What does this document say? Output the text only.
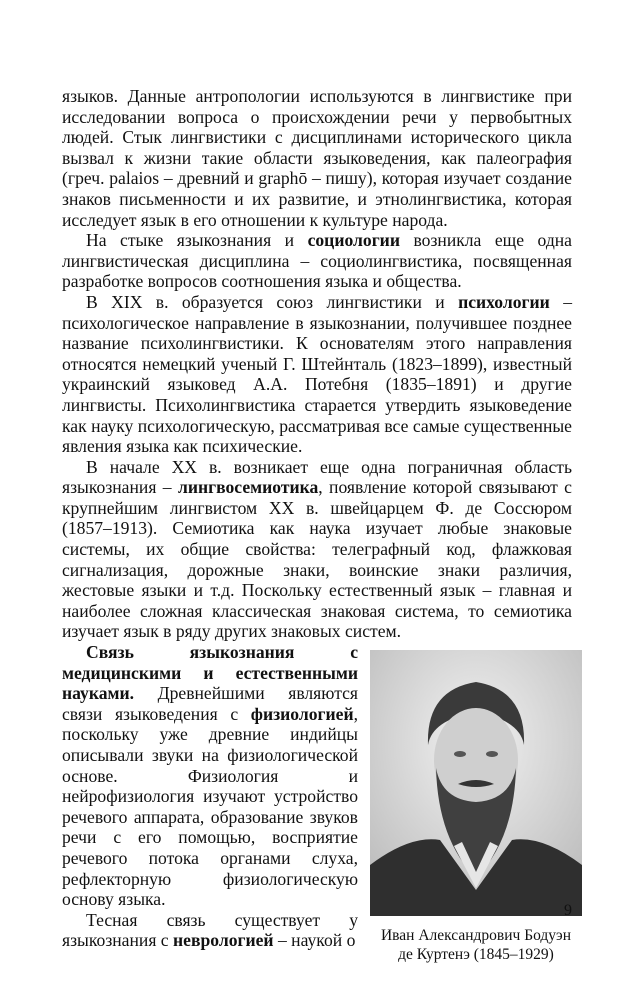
языков. Данные антропологии используются в лингвистике при исследовании вопроса о происхождении речи у первобытных людей. Стык лингвистики с дисциплинами исторического цикла вызвал к жизни такие области языковедения, как палеография (греч. palaios – древний и graphō – пишу), которая изучает создание знаков письменности и их развитие, и этнолингвистика, которая исследует язык в его отношении к культуре народа.

На стыке языкознания и социологии возникла еще одна лингвистическая дисциплина – социолингвистика, посвященная разработке вопросов соотношения языка и общества.

В XIX в. образуется союз лингвистики и психологии – психологическое направление в языкознании, получившее позднее название психолингвистики. К основателям этого направления относятся немецкий ученый Г. Штейнталь (1823–1899), известный украинский языковед А.А. Потебня (1835–1891) и другие лингвисты. Психолингвистика старается утвердить языковедение как науку психологическую, рассматривая все самые существенные явления языка как психические.

В начале XX в. возникает еще одна пограничная область языкознания – лингвосемиотика, появление которой связывают с крупнейшим лингвистом XX в. швейцарцем Ф. де Соссюром (1857–1913). Семиотика как наука изучает любые знаковые системы, их общие свойства: телеграфный код, флажковая сигнализация, дорожные знаки, воинские знаки различия, жестовые языки и т.д. Поскольку естественный язык – главная и наиболее сложная классическая знаковая система, то семиотика изучает язык в ряду других знаковых систем.

Иван Александрович Бодуэн
де Куртенэ (1845–1929)

Связь языкознания с медицинскими и естественными науками. Древнейшими являются связи языковедения с физиологией, поскольку уже древние индийцы описывали звуки на физиологической основе. Физиология и нейрофизиология изучают устройство речевого аппарата, образование звуков речи с его помощью, восприятие речевого потока органами слуха, рефлекторную физиологическую основу языка.

Тесная связь существует у языкознания с неврологией – наукой о

9
